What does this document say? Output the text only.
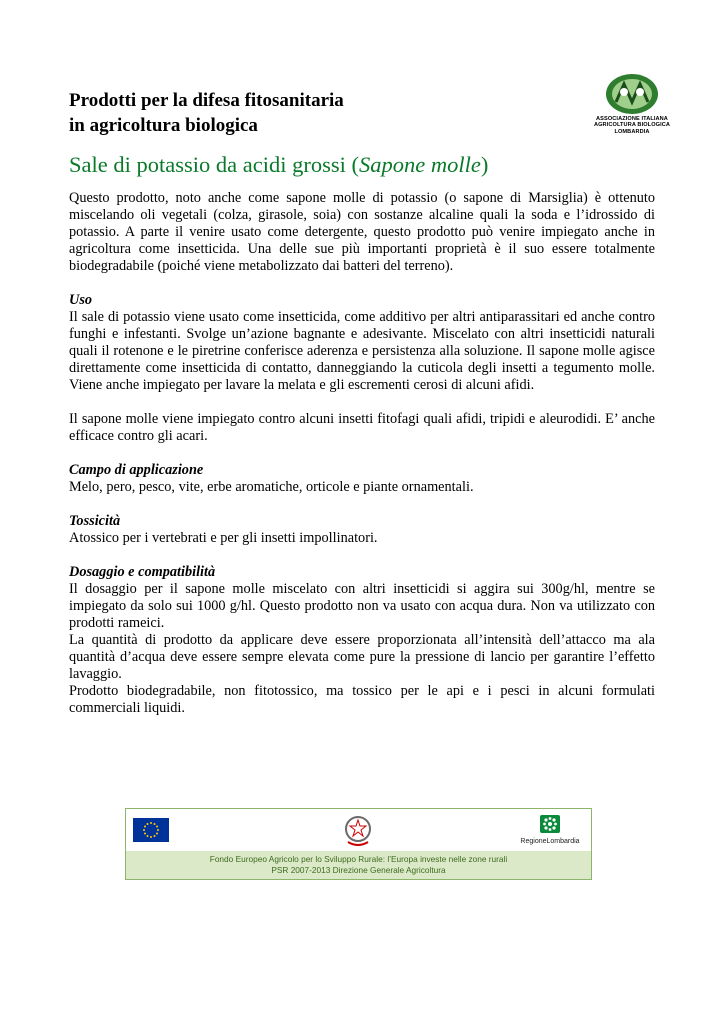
Prodotti per la difesa fitosanitaria
in agricoltura biologica	ASSOCIAZIONE ITALIANA
AGRICOLTURA BIOLOGICA
LOMBARDIA
Sale di potassio da acidi grossi (Sapone molle)

Questo prodotto, noto anche come sapone molle di potassio (o sapone di Marsiglia) è ottenuto miscelando oli vegetali (colza, girasole, soia) con sostanze alcaline quali la soda e l’idrossido di potassio. A parte il venire usato come detergente, questo prodotto può venire impiegato anche in agricoltura come insetticida. Una delle sue più importanti proprietà è il suo essere totalmente biodegradabile (poiché viene metabolizzato dai batteri del terreno).

Uso

Il sale di potassio viene usato come insetticida, come additivo per altri antiparassitari ed anche contro funghi e infestanti. Svolge un’azione bagnante e adesivante. Miscelato con altri insetticidi naturali quali il rotenone e le piretrine conferisce aderenza e persistenza alla soluzione. Il sapone molle agisce direttamente come insetticida di contatto, danneggiando la cuticola degli insetti a tegumento molle. Viene anche impiegato per lavare la melata e gli escrementi cerosi di alcuni afidi.

Il sapone molle viene impiegato contro alcuni insetti fitofagi quali afidi, tripidi e aleurodidi. E’ anche efficace contro gli acari.

Campo di applicazione

Melo, pero, pesco, vite, erbe aromatiche, orticole e piante ornamentali.

Tossicità

Atossico per i vertebrati e per gli insetti impollinatori.

Dosaggio e compatibilità

Il dosaggio per il sapone molle miscelato con altri insetticidi si aggira sui 300g/hl, mentre se impiegato da solo sui 1000 g/hl. Questo prodotto non va usato con acqua dura. Non va utilizzato con prodotti rameici.

La quantità di prodotto da applicare deve essere proporzionata all’intensità dell’attacco ma ala quantità d’acqua deve essere sempre elevata come pure la pressione di lancio per garantire l’effetto lavaggio.

Prodotto biodegradabile, non fitotossico, ma tossico per le api e i pesci in alcuni formulati commerciali liquidi.

RegioneLombardia
Fondo Europeo Agricolo per lo Sviluppo Rurale: l’Europa investe nelle zone rurali
PSR 2007-2013 Direzione Generale Agricoltura
